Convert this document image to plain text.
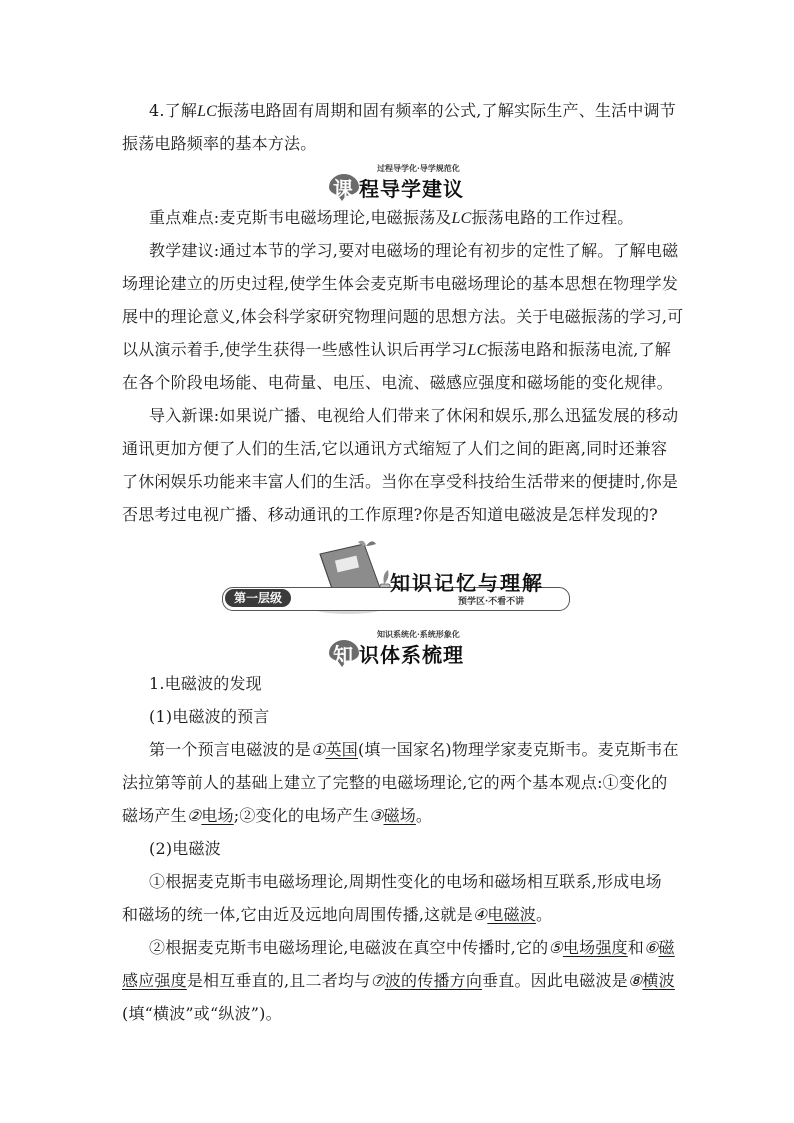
4.了解LC振荡电路固有周期和固有频率的公式,了解实际生产、生活中调节

振荡电路频率的基本方法。

过程导学化·导学规范化
课 程导学建议

重点难点:麦克斯韦电磁场理论,电磁振荡及LC振荡电路的工作过程。

教学建议:通过本节的学习,要对电磁场的理论有初步的定性了解。了解电磁

场理论建立的历史过程,使学生体会麦克斯韦电磁场理论的基本思想在物理学发

展中的理论意义,体会科学家研究物理问题的思想方法。关于电磁振荡的学习,可

以从演示着手,使学生获得一些感性认识后再学习LC振荡电路和振荡电流,了解

在各个阶段电场能、电荷量、电压、电流、磁感应强度和磁场能的变化规律。

导入新课:如果说广播、电视给人们带来了休闲和娱乐,那么迅猛发展的移动

通讯更加方便了人们的生活,它以通讯方式缩短了人们之间的距离,同时还兼容

了休闲娱乐功能来丰富人们的生活。当你在享受科技给生活带来的便捷时,你是

否思考过电视广播、移动通讯的工作原理?你是否知道电磁波是怎样发现的?

第一层级
知识记忆与理解
预学区·不看不讲
知识系统化·系统形象化
知 识体系梳理

1.电磁波的发现

(1)电磁波的预言

第一个预言电磁波的是①英国(填一国家名)物理学家麦克斯韦。麦克斯韦在

法拉第等前人的基础上建立了完整的电磁场理论,它的两个基本观点:①变化的

磁场产生②电场;②变化的电场产生③磁场。

(2)电磁波

①根据麦克斯韦电磁场理论,周期性变化的电场和磁场相互联系,形成电场

和磁场的统一体,它由近及远地向周围传播,这就是④电磁波。

②根据麦克斯韦电磁场理论,电磁波在真空中传播时,它的⑤电场强度和⑥磁

感应强度是相互垂直的,且二者均与⑦波的传播方向垂直。因此电磁波是⑧横波

(填“横波”或“纵波”)。
